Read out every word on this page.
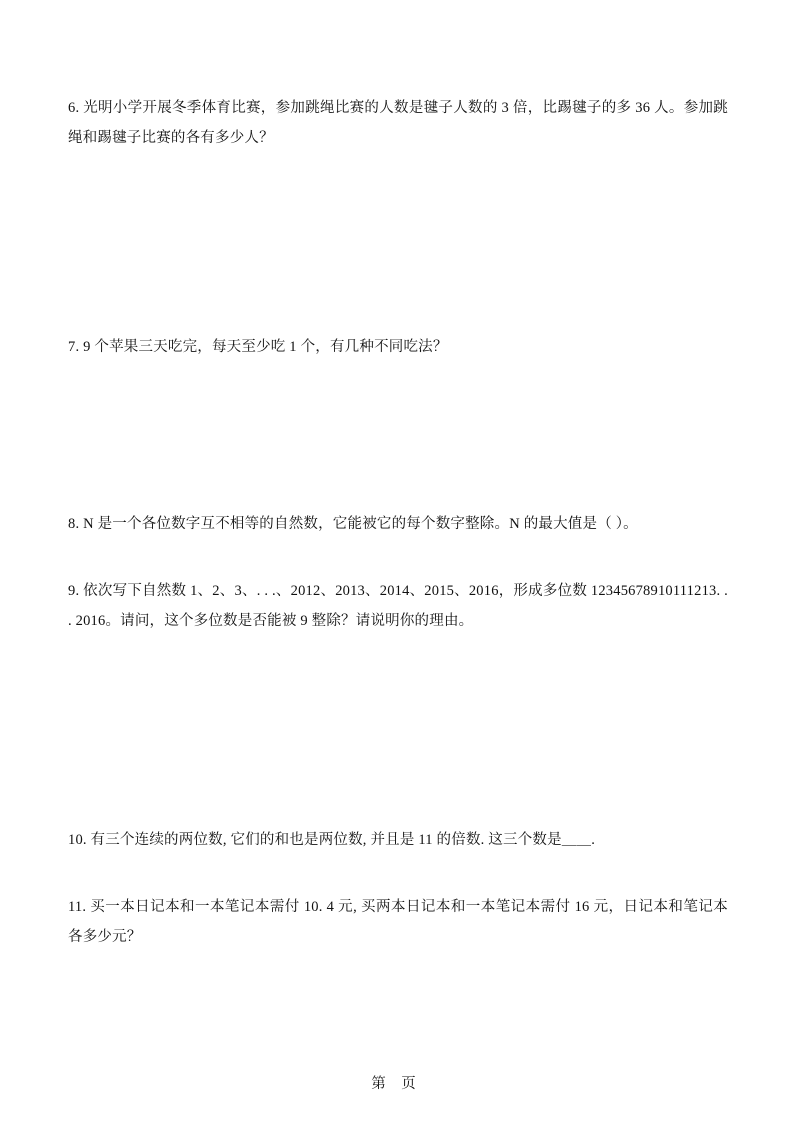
6. 光明小学开展冬季体育比赛，参加跳绳比赛的人数是毽子人数的 3 倍，比踢毽子的多 36 人。参加跳绳和踢毽子比赛的各有多少人？

7. 9 个苹果三天吃完，每天至少吃 1 个，有几种不同吃法？

8. N 是一个各位数字互不相等的自然数，它能被它的每个数字整除。N 的最大值是（ ）。

9. 依次写下自然数 1、2、3、. . .、2012、2013、2014、2015、2016，形成多位数 12345678910111213. . . 2016。请问，这个多位数是否能被 9 整除？请说明你的理由。

10. 有三个连续的两位数, 它们的和也是两位数, 并且是 11 的倍数. 这三个数是＿＿.

11. 买一本日记本和一本笔记本需付 10. 4 元, 买两本日记本和一本笔记本需付 16 元，日记本和笔记本各多少元？

第 页
